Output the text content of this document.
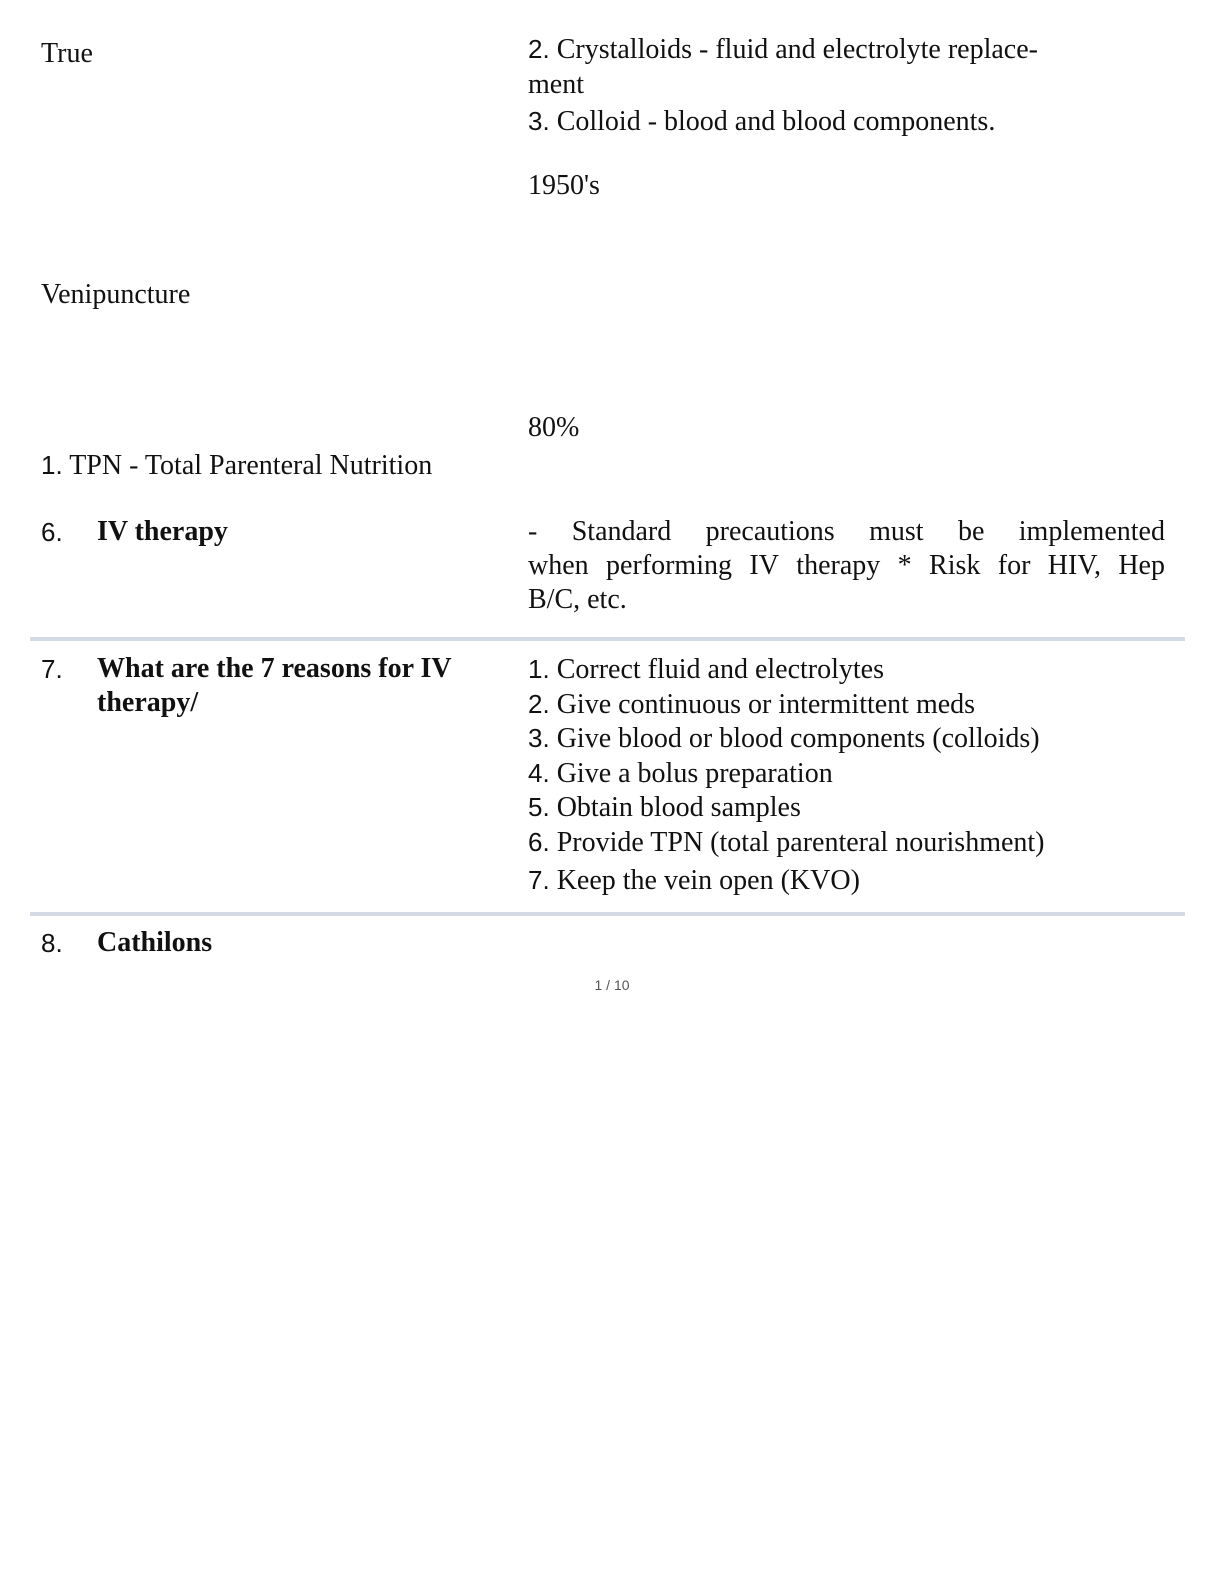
True
Venipuncture
1. TPN - Total Parenteral Nutrition
2. Crystalloids - fluid and electrolyte replace-
ment
3. Colloid - blood and blood components.
1950's
80%
6. IV therapy	- Standard precautions must be implemented
when performing IV therapy * Risk for HIV, Hep
B/C, etc.
7. What are the 7 reasons for IV
therapy/
1. Correct fluid and electrolytes
2. Give continuous or intermittent meds
3. Give blood or blood components (colloids)
4. Give a bolus preparation
5. Obtain blood samples
6. Provide TPN (total parenteral nourishment)
7. Keep the vein open (KVO)
8. Cathilons
1 / 10
